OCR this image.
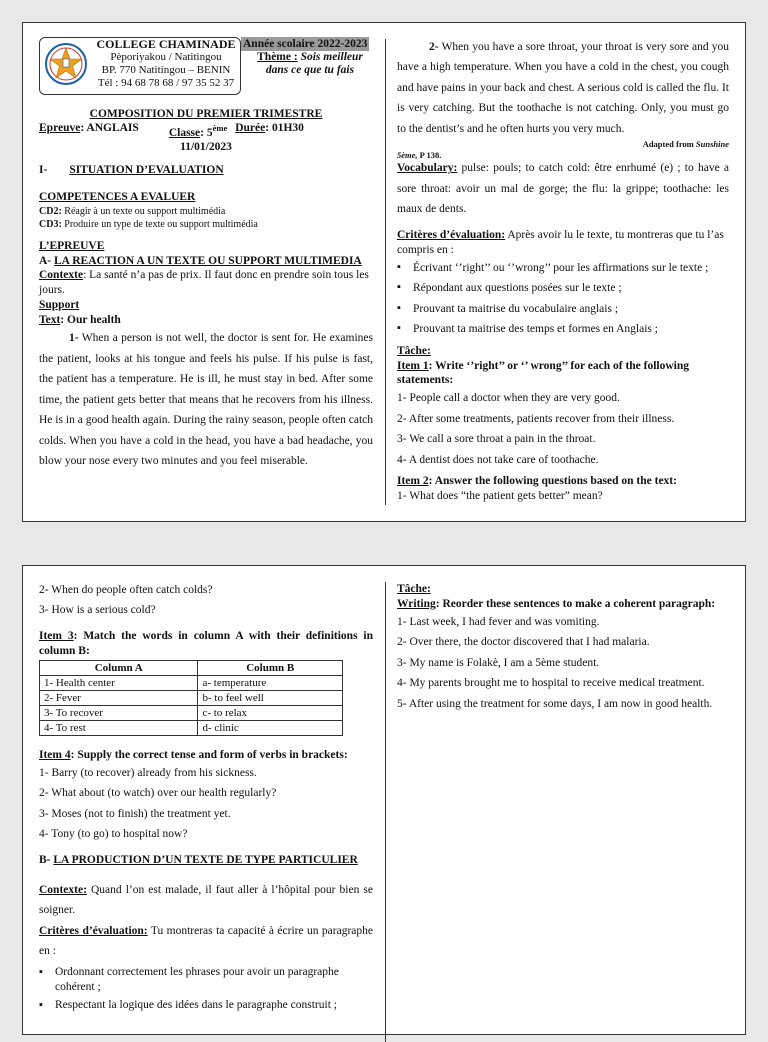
COLLEGE CHAMINADE
Pèporiyakou / Natitingou
BP. 770 Natitingou – BENIN
Tél : 94 68 78 68 / 97 35 52 37
Année scolaire 2022-2023
Thème : Sois meilleur dans ce que tu fais
COMPOSITION DU PREMIER TRIMESTRE
Epreuve: ANGLAIS	Classe: 5ème Durée: 01H30
11/01/2023
I- SITUATION D’EVALUATION
COMPETENCES A EVALUER
CD2: Réagir à un texte ou support multimédia
CD3: Produire un type de texte ou support multimédia
L’EPREUVE
A- LA REACTION A UN TEXTE OU SUPPORT MULTIMEDIA
Contexte: La santé n’a pas de prix. Il faut donc en prendre soin tous les jours.
Support
Text: Our health

1- When a person is not well, the doctor is sent for. He examines the patient, looks at his tongue and feels his pulse. If his pulse is fast, the patient has a temperature. He is ill, he must stay in bed. After some time, the patient gets better that means that he recovers from his illness. He is in a good health again. During the rainy season, people often catch colds. When you have a cold in the head, you have a bad headache, you blow your nose every two minutes and you feel miserable.

2- When you have a sore throat, your throat is very sore and you have a high temperature. When you have a cold in the chest, you cough and have pains in your back and chest. A serious cold is called the flu. It is very catching. But the toothache is not catching. Only, you must go to the dentist’s and he often hurts you very much.

Adapted from Sunshine
5ème, P 138.

Vocabulary: pulse: pouls; to catch cold: être enrhumé (e) ; to have a sore throat: avoir un mal de gorge; the flu: la grippe; toothache: les maux de dents.

Critères d’évaluation: Après avoir lu le texte, tu montreras que tu l’as compris en :
▪ Écrivant ‘’right’’ ou ‘’wrong’’ pour les affirmations sur le texte ;
▪ Répondant aux questions posées sur le texte ;
▪ Prouvant ta maitrise du vocabulaire anglais ;
▪ Prouvant ta maitrise des temps et formes en Anglais ;
Tâche:
Item 1: Write ‘’right’’ or ‘’ wrong’’ for each of the following statements:
1- People call a doctor when they are very good.
2- After some treatments, patients recover from their illness.
3- We call a sore throat a pain in the throat.
4- A dentist does not take care of toothache.
Item 2: Answer the following questions based on the text:
1- What does “the patient gets better” mean?
2- When do people often catch colds?
3- How is a serious cold?
Item 3: Match the words in column A with their definitions in column B:
Column A	Column B
1- Health center	a- temperature
2- Fever	b- to feel well
3- To recover	c- to relax
4- To rest	d- clinic
Item 4: Supply the correct tense and form of verbs in brackets:
1- Barry (to recover) already from his sickness.
2- What about (to watch) over our health regularly?
3- Moses (not to finish) the treatment yet.
4- Tony (to go) to hospital now?
B- LA PRODUCTION D’UN TEXTE DE TYPE PARTICULIER

Contexte: Quand l’on est malade, il faut aller à l’hôpital pour bien se soigner.

Critères d’évaluation: Tu montreras ta capacité à écrire un paragraphe en :

▪ Ordonnant correctement les phrases pour avoir un paragraphe cohérent ;
▪ Respectant la logique des idées dans le paragraphe construit ;
Tâche:
Writing: Reorder these sentences to make a coherent paragraph:
1- Last week, I had fever and was vomiting.
2- Over there, the doctor discovered that I had malaria.
3- My name is Folakè, I am a 5ème student.
4- My parents brought me to hospital to receive medical treatment.
5- After using the treatment for some days, I am now in good health.
